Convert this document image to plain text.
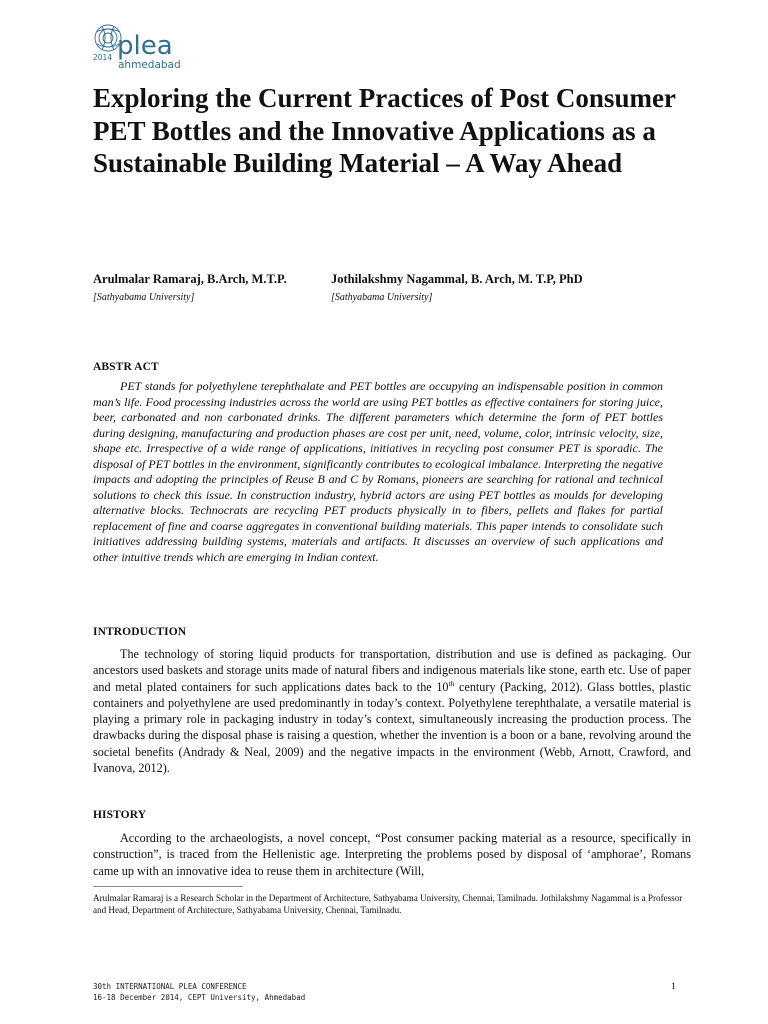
2014 plea
ahmedabad
Exploring the Current Practices of Post Consumer PET Bottles and the Innovative Applications as a Sustainable Building Material – A Way Ahead
Arulmalar Ramaraj, B.Arch, M.T.P.
[Sathyabama University]
Jothilakshmy Nagammal, B. Arch, M. T.P, PhD
[Sathyabama University]
ABSTR ACT

PET stands for polyethylene terephthalate and PET bottles are occupying an indispensable position in common man’s life. Food processing industries across the world are using PET bottles as effective containers for storing juice, beer, carbonated and non carbonated drinks. The different parameters which determine the form of PET bottles during designing, manufacturing and production phases are cost per unit, need, volume, color, intrinsic velocity, size, shape etc. Irrespective of a wide range of applications, initiatives in recycling post consumer PET is sporadic. The disposal of PET bottles in the environment, significantly contributes to ecological imbalance. Interpreting the negative impacts and adopting the principles of Reuse B and C by Romans, pioneers are searching for rational and technical solutions to check this issue. In construction industry, hybrid actors are using PET bottles as moulds for developing alternative blocks. Technocrats are recycling PET products physically in to fibers, pellets and flakes for partial replacement of fine and coarse aggregates in conventional building materials. This paper intends to consolidate such initiatives addressing building systems, materials and artifacts. It discusses an overview of such applications and other intuitive trends which are emerging in Indian context.

INTRODUCTION

The technology of storing liquid products for transportation, distribution and use is defined as packaging. Our ancestors used baskets and storage units made of natural fibers and indigenous materials like stone, earth etc. Use of paper and metal plated containers for such applications dates back to the 10th century (Packing, 2012). Glass bottles, plastic containers and polyethylene are used predominantly in today’s context. Polyethylene terephthalate, a versatile material is playing a primary role in packaging industry in today’s context, simultaneously increasing the production process. The drawbacks during the disposal phase is raising a question, whether the invention is a boon or a bane, revolving around the societal benefits (Andrady & Neal, 2009) and the negative impacts in the environment (Webb, Arnott, Crawford, and Ivanova, 2012).

HISTORY

According to the archaeologists, a novel concept, “Post consumer packing material as a resource, specifically in construction”, is traced from the Hellenistic age. Interpreting the problems posed by disposal of ‘amphorae’, Romans came up with an innovative idea to reuse them in architecture (Will,

Arulmalar Ramaraj is a Research Scholar in the Department of Architecture, Sathyabama University, Chennai, Tamilnadu. Jothilakshmy Nagammal is a Professor and Head, Department of Architecture, Sathyabama University, Chennai, Tamilnadu.

30th INTERNATIONAL PLEA CONFERENCE
16-18 December 2014, CEPT University, Ahmedabad
1
